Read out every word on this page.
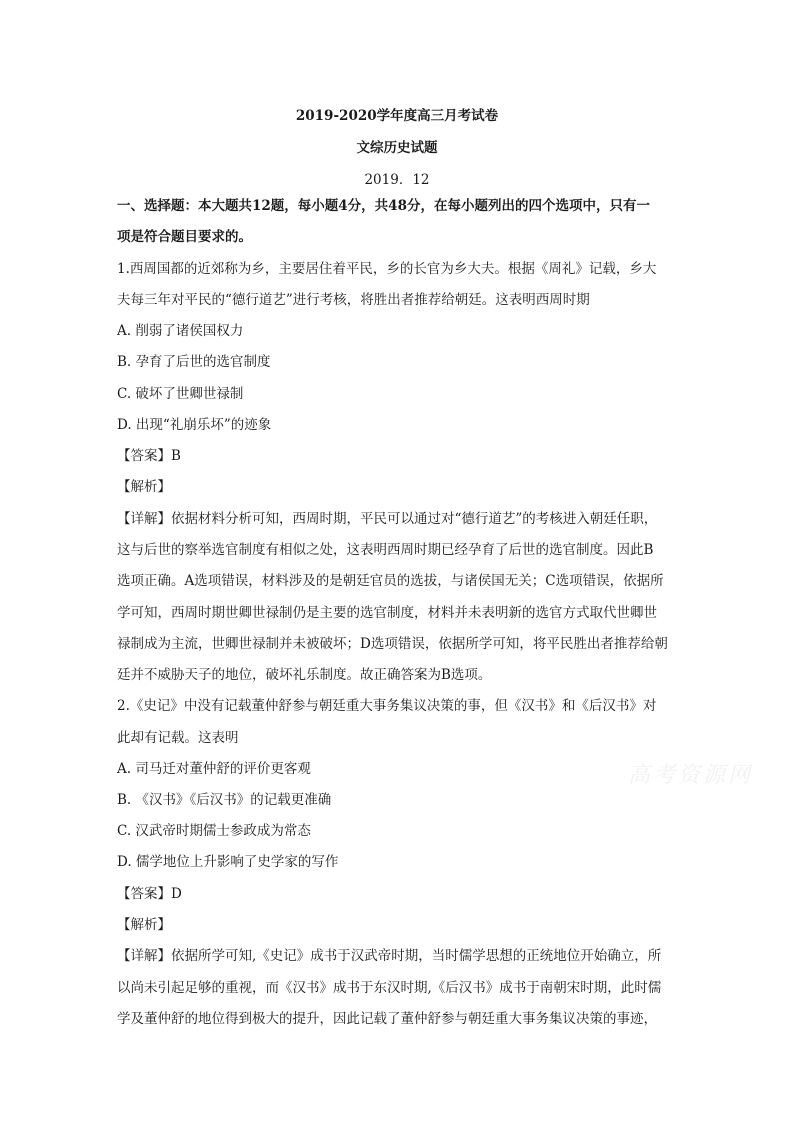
2019-2020学年度高三月考试卷
文综历史试题
2019．12
一、选择题：本大题共12题，每小题4分，共48分，在每小题列出的四个选项中，只有一
项是符合题目要求的。
1.西周国都的近郊称为乡，主要居住着平民，乡的长官为乡大夫。根据《周礼》记载，乡大
夫每三年对平民的“德行道艺”进行考核，将胜出者推荐给朝廷。这表明西周时期
A. 削弱了诸侯国权力
B. 孕育了后世的选官制度
C. 破坏了世卿世禄制
D. 出现“礼崩乐坏”的迹象
【答案】B
【解析】
【详解】依据材料分析可知，西周时期，平民可以通过对“德行道艺”的考核进入朝廷任职，
这与后世的察举选官制度有相似之处，这表明西周时期已经孕育了后世的选官制度。因此B
选项正确。A选项错误，材料涉及的是朝廷官员的选拔，与诸侯国无关；C选项错误，依据所
学可知，西周时期世卿世禄制仍是主要的选官制度，材料并未表明新的选官方式取代世卿世
禄制成为主流，世卿世禄制并未被破坏；D选项错误，依据所学可知，将平民胜出者推荐给朝
廷并不威胁天子的地位，破坏礼乐制度。故正确答案为B选项。
2.《史记》中没有记载董仲舒参与朝廷重大事务集议决策的事，但《汉书》和《后汉书》对
此却有记载。这表明
A. 司马迁对董仲舒的评价更客观
B. 《汉书》《后汉书》的记载更准确
C. 汉武帝时期儒士参政成为常态
D. 儒学地位上升影响了史学家的写作
【答案】D
【解析】
【详解】依据所学可知,《史记》成书于汉武帝时期，当时儒学思想的正统地位开始确立，所
以尚未引起足够的重视，而《汉书》成书于东汉时期,《后汉书》成书于南朝宋时期，此时儒
学及董仲舒的地位得到极大的提升，因此记载了董仲舒参与朝廷重大事务集议决策的事迹，
高考资源网
